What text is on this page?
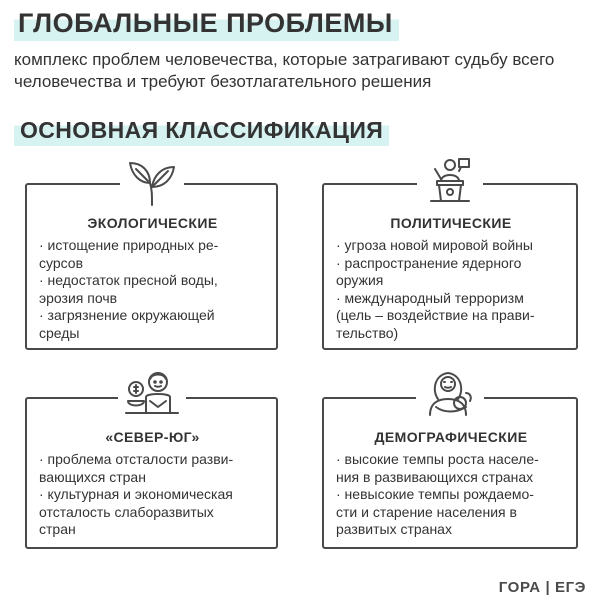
ГЛОБАЛЬНЫЕ ПРОБЛЕМЫ
комплекс проблем человечества, которые затрагивают судьбу всего человечества и требуют безотлагательного решения
ОСНОВНАЯ КЛАССИФИКАЦИЯ
ЭКОЛОГИЧЕСКИЕ
· истощение природных ре-
сурсов
· недостаток пресной воды,
эрозия почв
· загрязнение окружающей
среды
ПОЛИТИЧЕСКИЕ
· угроза новой мировой войны
· распространение ядерного
оружия
· международный терроризм
(цель – воздействие на прави-
тельство)
«СЕВЕР-ЮГ»
· проблема отсталости разви-
вающихся стран
· культурная и экономическая
отсталость слаборазвитых
стран
ДЕМОГРАФИЧЕСКИЕ
· высокие темпы роста населе-
ния в развивающихся странах
· невысокие темпы рождаемо-
сти и старение населения в
развитых странах
ГОРА | ЕГЭ
